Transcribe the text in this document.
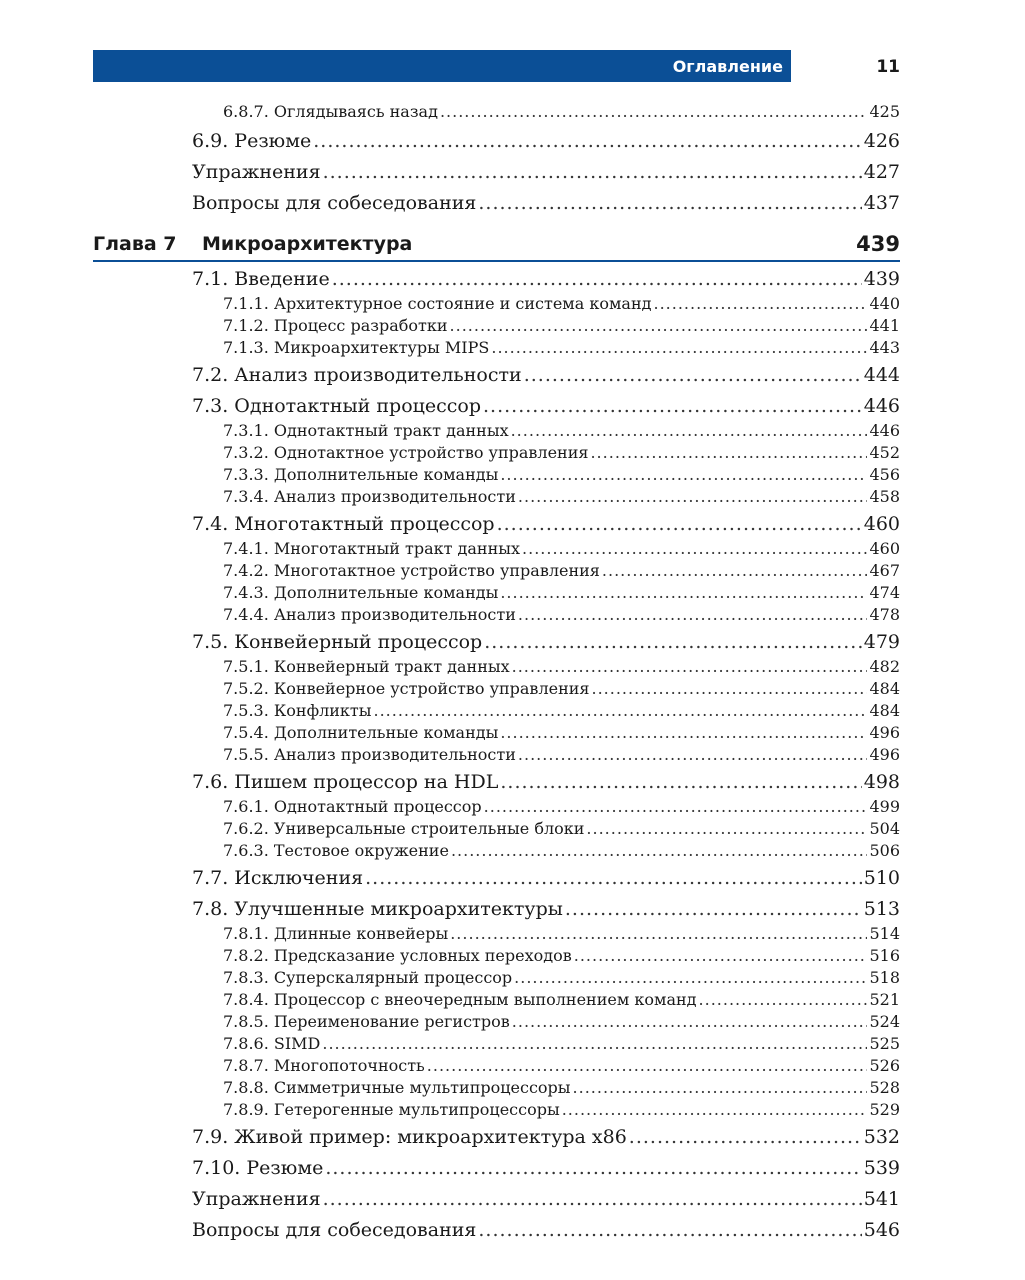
Оглавление	11
Глава 7 Микроархитектура	439
6.8.7. Оглядываясь назад .....	425
6.9. Резюме .....	426
Упражнения .....	427
Вопросы для собеседования .....	437
7.1. Введение .....	439
7.1.1. Архитектурное состояние и система команд .....	440
7.1.2. Процесс разработки .....	441
7.1.3. Микроархитектуры MIPS .....	443
7.2. Анализ производительности .....	444
7.3. Однотактный процессор .....	446
7.3.1. Однотактный тракт данных .....	446
7.3.2. Однотактное устройство управления .....	452
7.3.3. Дополнительные команды .....	456
7.3.4. Анализ производительности .....	458
7.4. Многотактный процессор .....	460
7.4.1. Многотактный тракт данных .....	460
7.4.2. Многотактное устройство управления .....	467
7.4.3. Дополнительные команды .....	474
7.4.4. Анализ производительности .....	478
7.5. Конвейерный процессор .....	479
7.5.1. Конвейерный тракт данных .....	482
7.5.2. Конвейерное устройство управления .....	484
7.5.3. Конфликты .....	484
7.5.4. Дополнительные команды .....	496
7.5.5. Анализ производительности .....	496
7.6. Пишем процессор на HDL .....	498
7.6.1. Однотактный процессор .....	499
7.6.2. Универсальные строительные блоки .....	504
7.6.3. Тестовое окружение .....	506
7.7. Исключения .....	510
7.8. Улучшенные микроархитектуры .....	513
7.8.1. Длинные конвейеры .....	514
7.8.2. Предсказание условных переходов .....	516
7.8.3. Суперскалярный процессор .....	518
7.8.4. Процессор с внеочередным выполнением команд .....	521
7.8.5. Переименование регистров .....	524
7.8.6. SIMD .....	525
7.8.7. Многопоточность .....	526
7.8.8. Симметричные мультипроцессоры .....	528
7.8.9. Гетерогенные мультипроцессоры .....	529
7.9. Живой пример: микроархитектура x86 .....	532
7.10. Резюме .....	539
Упражнения .....	541
Вопросы для собеседования .....	546
